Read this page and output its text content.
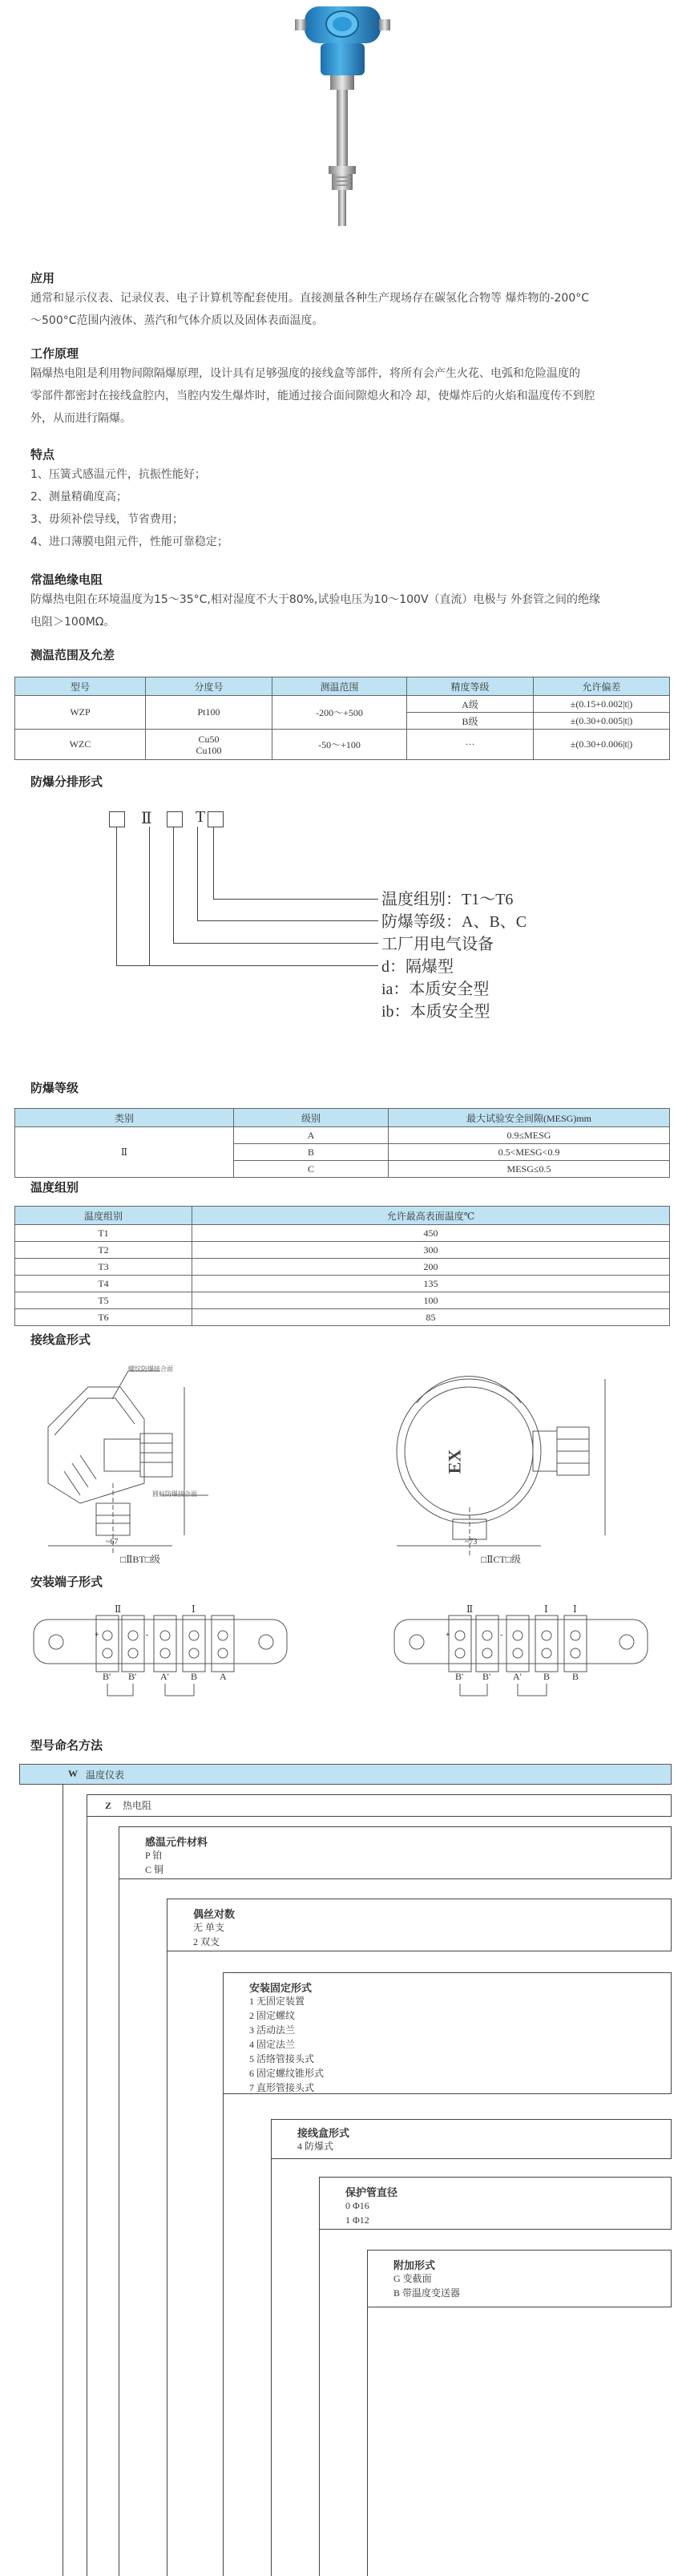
应用
通常和显示仪表、记录仪表、电子计算机等配套使用。直接测量各种生产现场存在碳氢化合物等 爆炸物的-200°C
～500°C范围内液体、蒸汽和气体介质以及固体表面温度。
工作原理
隔爆热电阻是利用物间隙隔爆原理，设计具有足够强度的接线盒等部件，将所有会产生火花、电弧和危险温度的
零部件都密封在接线盒腔内，当腔内发生爆炸时，能通过接合面间隙熄火和冷 却，使爆炸后的火焰和温度传不到腔
外，从而进行隔爆。
特点
1、压簧式感温元件，抗振性能好；
2、测量精确度高；
3、毋须补偿导线，节省费用；
4、进口薄膜电阻元件，性能可靠稳定；
常温绝缘电阻
防爆热电阻在环境温度为15～35°C,相对湿度不大于80%,试验电压为10～100V（直流）电极与 外套管之间的绝缘
电阻＞100MΩ。
测温范围及允差
型号	分度号	测温范围	精度等级	允许偏差
WZP	Pt100	-200～+500	A级	±(0.15+0.002|t|)
			B级	±(0.30+0.005|t|)
WZC	Cu50
Cu100	-50～+100	···	±(0.30+0.006|t|)
防爆分排形式
Ⅱ	T
温度组别：T1～T6
防爆等级：A、B、C
工厂用电气设备
d：隔爆型
ia：本质安全型
ib：本质安全型
防爆等级
类别	级别	最大试验安全间隙(MESG)mm
Ⅱ	A	0.9≤MESG
	B	0.5<MESG<0.9
	C	MESG≤0.5
温度组别
温度组别	允许最高表面温度℃
T1	450
T2	300
T3	200
T4	135
T5	100
T6	85
接线盒形式
螺纹防爆接合面
圆柱防爆接合面
~67
□ⅡBT□级
EX
~73
□ⅡCT□级
安装端子形式
Ⅱ	Ⅰ
B' B' A' B A
+	-
Ⅱ	Ⅰ	Ⅰ
B' B' A' B B
+	-
型号命名方法
W 温度仪表
Z 热电阻
感温元件材料
P 铂
C 铜
偶丝对数
无 单支
2 双支
安装固定形式
1 无固定装置
2 固定螺纹
3 活动法兰
4 固定法兰
5 活络管接头式
6 固定螺纹锥形式
7 直形管接头式
接线盒形式
4 防爆式
保护管直径
0 Φ16
1 Φ12
附加形式
G 变截面
B 带温度变送器
